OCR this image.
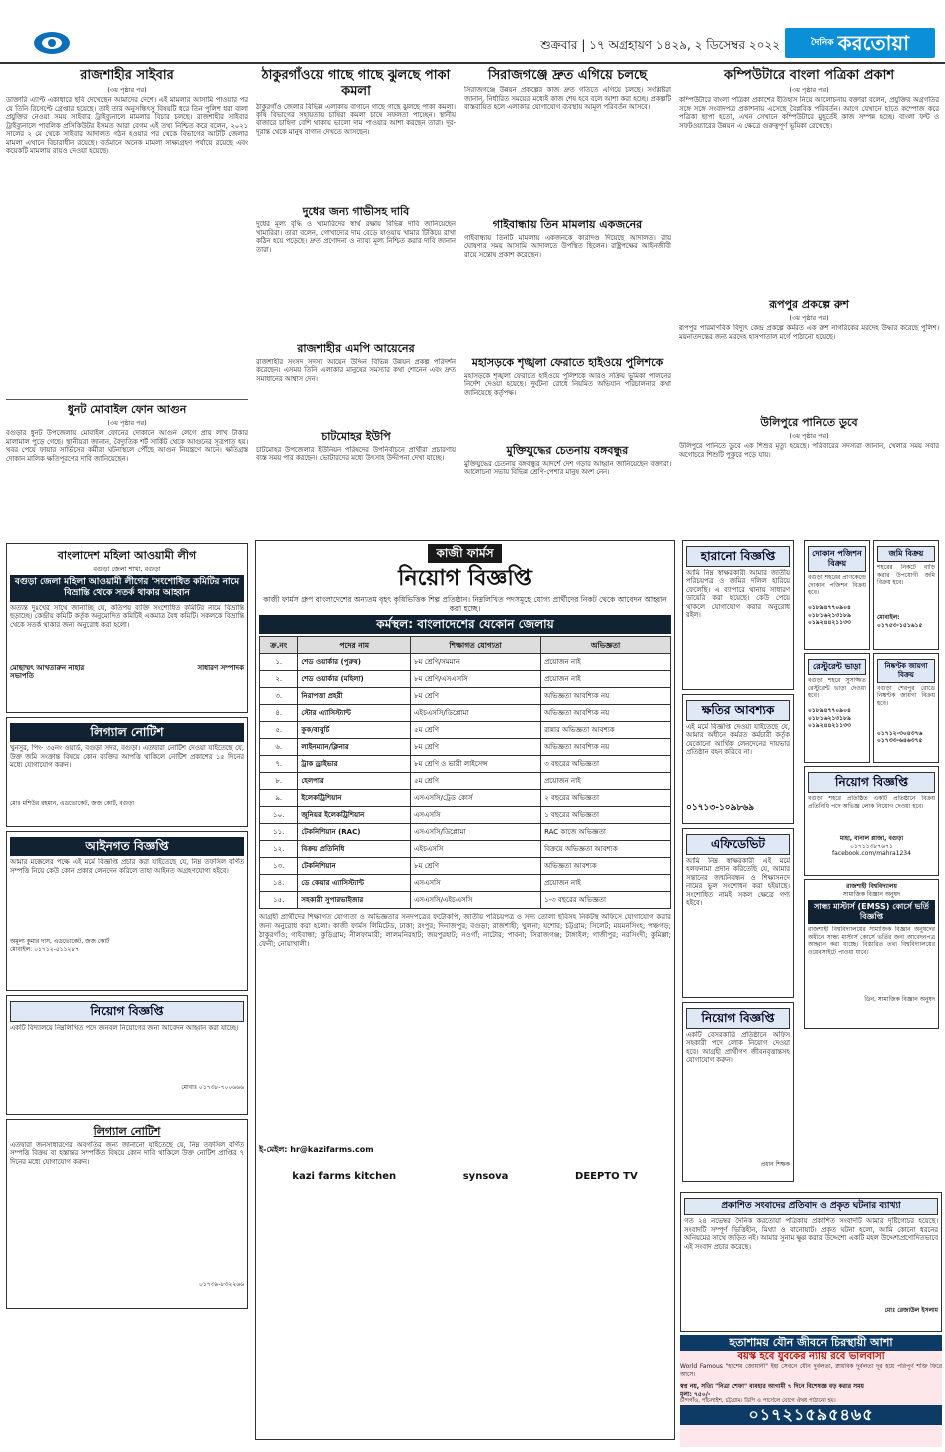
শুক্রবার | ১৭ অগ্রহায়ণ ১৪২৯, ২ ডিসেম্বর ২০২২	$^{দৈনিক}$ করতোয়া
রাজশাহীর সাইবার
(৩য় পৃষ্ঠার পর)
ডাক্তারি এ্যাপ্ট একাধারে ছবি দেখেছেন আমাদের দেশে। এই মামলার আসামি পাওয়ার পর যে তিনি রিসেপ্টে গ্রেপ্তার হয়েছে। তাই তার অনুসন্ধিৎসু বিষয়টি ধরে তিন পুলিশ ধরা বালা প্রযুক্তির নেওয়া সময় সাইবার ট্রাইব্যুনালে মামলার বিচার চলছে। রাজশাহীর সাইবার ট্রাইব্যুনালে পাবলিক প্রসিকিউটর ইসমত আরা বেগম এই তথ্য নিশ্চিত করে বলেন, ২০২১ সালের ২ মে থেকে সাইবার আদালত গঠন হওয়ার পর থেকে বিভাগের আটটি জেলার মামলা এখানে বিচারাধীন রয়েছে। বর্তমানে অনেক মামলা সাক্ষ্যগ্রহণ পর্যায়ে রয়েছে এবং কয়েকটি মামলায় রায়ও দেওয়া হয়েছে।
ধুনট মোবাইল ফোন আগুন
(৩য় পৃষ্ঠার পর)
বগুড়ার ধুনট উপজেলায় মোবাইল ফোনের দোকানে আগুন লেগে প্রায় লাখ টাকার মালামাল পুড়ে গেছে। স্থানীয়রা জানান, বৈদ্যুতিক শর্ট সার্কিট থেকে আগুনের সূত্রপাত হয়। খবর পেয়ে ফায়ার সার্ভিসের কর্মীরা ঘটনাস্থলে পৌঁছে আগুন নিয়ন্ত্রণে আনে। ক্ষতিগ্রস্ত দোকান মালিক ক্ষতিপূরণের দাবি জানিয়েছেন।
বাংলাদেশ মহিলা আওয়ামী লীগ
বগুড়া জেলা শাখা, বগুড়া
বগুড়া জেলা মহিলা আওয়ামী লীগের 'সংশোধিত কমিটির নামে বিভ্রান্তি থেকে সতর্ক থাকার আহ্বান
অত্যন্ত দুঃখের সাথে জানাচ্ছি যে, কতিপয় ব্যক্তি সংশোধিত কমিটির নামে বিভ্রান্তি ছড়াচ্ছে। কেন্দ্রীয় কমিটি কর্তৃক অনুমোদিত কমিটিই একমাত্র বৈধ কমিটি। সকলকে বিভ্রান্তি থেকে সতর্ক থাকার জন্য অনুরোধ করা হলো।
মোছাম্মৎ আখতারুন নাহার
সভাপতি
সাধারণ সম্পাদক
লিগ্যাল নোটিশ
খুনসুর, পিং- ৩৫নং ওয়ার্ড, বগুড়া সদর, বগুড়া। এতদ্বারা নোটিশ দেওয়া যাইতেছে যে, উক্ত জমি সংক্রান্ত বিষয়ে কোন ব্যক্তির আপত্তি থাকিলে নোটিশ প্রকাশের ১৫ দিনের মধ্যে যোগাযোগ করুন।
মোঃ মশিউর রহমান, এডভোকেট, জজ কোর্ট, বগুড়া
আইনগত বিজ্ঞপ্তি
আমার মক্কেলের পক্ষে এই মর্মে বিজ্ঞপ্তি প্রচার করা যাইতেছে যে, নিম্ন তফসিল বর্ণিত সম্পত্তি নিয়ে কেউ কোন প্রকার লেনদেন করিলে তাহা আইনত অগ্রহণযোগ্য হইবে।
অমূল্য কুমার দাস, এডভোকেট, জজ কোর্ট
মোবাইল: ০১৭১২-৫১১২৮৭
নিয়োগ বিজ্ঞপ্তি
একটি বিদ্যালয়ে নিম্নলিখিত পদে জনবল নিয়োগের জন্য আবেদন আহ্বান করা যাচ্ছে।
মোবাঃ ০১৭৩৮-৭০০৬৬৬
লিগ্যাল নোটিশ
এতদ্বারা জনসাধারণের অবগতির জন্য জানানো যাইতেছে যে, নিম্ন তফসিল বর্ণিত সম্পত্তি বিক্রয় বা হস্তান্তর সম্পর্কিত বিষয়ে কোন দাবি থাকিলে উক্ত নোটিশ প্রাপ্তির ৭ দিনের মধ্যে যোগাযোগ করুন।
০১৭৩৯-৮৩২২৬৬
ঠাকুরগাঁওয়ে গাছে গাছে ঝুলছে পাকা কমলা
ঠাকুরগাঁও জেলার বিভিন্ন এলাকায় বাগানে গাছে গাছে ঝুলছে পাকা কমলা। কৃষি বিভাগের সহায়তায় চাষিরা কমলা চাষে সফলতা পাচ্ছেন। স্থানীয় বাজারে চাহিদা বেশি থাকায় ভালো দাম পাওয়ার আশা করছেন তারা। দূর-দূরান্ত থেকে মানুষ বাগান দেখতে আসছেন।
দুধের জন্য গাভীসহ দাবি
দুধের মূল্য বৃদ্ধি ও খামারিদের স্বার্থ রক্ষায় বিভিন্ন দাবি জানিয়েছেন খামারিরা। তারা বলেন, গোখাদ্যের দাম বেড়ে যাওয়ায় খামার টিকিয়ে রাখা কঠিন হয়ে পড়েছে। দ্রুত প্রণোদনা ও ন্যায্য মূল্য নিশ্চিত করার দাবি জানান তারা।
রাজশাহীর এমপি আয়েনের
রাজশাহীর সংসদ সদস্য আয়েন উদ্দিন বিভিন্ন উন্নয়ন প্রকল্প পরিদর্শন করেছেন। এসময় তিনি এলাকার মানুষের সমস্যার কথা শোনেন এবং দ্রুত সমাধানের আশ্বাস দেন।
চাটমোহর ইউপি
চাটমোহর উপজেলার ইউনিয়ন পরিষদের উপনির্বাচনে প্রার্থীরা প্রচারণায় ব্যস্ত সময় পার করছেন। ভোটারদের মধ্যে উৎসাহ উদ্দীপনা দেখা যাচ্ছে।
সিরাজগঞ্জে দ্রুত এগিয়ে চলছে
সিরাজগঞ্জে উন্নয়ন প্রকল্পের কাজ দ্রুত গতিতে এগিয়ে চলছে। সংশ্লিষ্টরা জানান, নির্ধারিত সময়ের মধ্যেই কাজ শেষ হবে বলে আশা করা হচ্ছে। প্রকল্পটি বাস্তবায়িত হলে এলাকার যোগাযোগ ব্যবস্থায় আমূল পরিবর্তন আসবে।
গাইবান্ধায় তিন মামলায় একজনের
গাইবান্ধায় তিনটি মামলায় একজনকে কারাদণ্ড দিয়েছে আদালত। রায় ঘোষণার সময় আসামি আদালতে উপস্থিত ছিলেন। রাষ্ট্রপক্ষের আইনজীবী রায়ে সন্তোষ প্রকাশ করেছেন।
মহাসড়কে শৃঙ্খলা ফেরাতে হাইওয়ে পুলিশকে
মহাসড়কে শৃঙ্খলা ফেরাতে হাইওয়ে পুলিশকে আরও সক্রিয় ভূমিকা পালনের নির্দেশ দেওয়া হয়েছে। দুর্ঘটনা রোধে নিয়মিত অভিযান পরিচালনার কথা জানিয়েছে কর্তৃপক্ষ।
মুক্তিযুদ্ধের চেতনায় বঙ্গবন্ধুর
মুক্তিযুদ্ধের চেতনায় বঙ্গবন্ধুর আদর্শে দেশ গড়ার আহ্বান জানিয়েছেন বক্তারা। আলোচনা সভায় বিভিন্ন শ্রেণি-পেশার মানুষ অংশ নেন।
কম্পিউটারে বাংলা পত্রিকা প্রকাশ
(৩য় পৃষ্ঠার পর)
কম্পিউটারে বাংলা পত্রিকা প্রকাশের ইতিহাস নিয়ে আলোচনায় বক্তারা বলেন, প্রযুক্তির অগ্রগতির সঙ্গে সঙ্গে সংবাদপত্র প্রকাশনায় এসেছে বৈপ্লবিক পরিবর্তন। আগে যেখানে হাতে কম্পোজ করে পত্রিকা ছাপা হতো, এখন সেখানে কম্পিউটারে মুহূর্তেই কাজ সম্পন্ন হচ্ছে। বাংলা ফন্ট ও সফটওয়্যারের উন্নয়ন এ ক্ষেত্রে গুরুত্বপূর্ণ ভূমিকা রেখেছে।
রূপপুর প্রকল্পে রুশ
(৩য় পৃষ্ঠার পর)
রূপপুর পারমাণবিক বিদ্যুৎ কেন্দ্র প্রকল্পে কর্মরত এক রুশ নাগরিকের মরদেহ উদ্ধার করেছে পুলিশ। ময়নাতদন্তের জন্য মরদেহ হাসপাতাল মর্গে পাঠানো হয়েছে।
উলিপুরে পানিতে ডুবে
(৩য় পৃষ্ঠার পর)
উলিপুরে পানিতে ডুবে এক শিশুর মৃত্যু হয়েছে। পরিবারের সদস্যরা জানান, খেলার সময় সবার অগোচরে শিশুটি পুকুরে পড়ে যায়।
কাজী ফার্মস
নিয়োগ বিজ্ঞপ্তি
কাজী ফার্মস গ্রুপ বাংলাদেশের অন্যতম বৃহৎ কৃষিভিত্তিক শিল্প প্রতিষ্ঠান। নিম্নলিখিত পদসমূহে যোগ্য প্রার্থীদের নিকট থেকে আবেদন আহ্বান করা হচ্ছে।
কর্মস্থল: বাংলাদেশের যেকোন জেলায়
ক্র.নং	পদের নাম	শিক্ষাগত যোগ্যতা	অভিজ্ঞতা
১.	শেড ওয়ার্কার (পুরুষ)	৮ম শ্রেণি/সমমান	প্রয়োজন নাই
২.	শেড ওয়ার্কার (মহিলা)	৮ম শ্রেণি/এসএসসি	প্রয়োজন নাই
৩.	নিরাপত্তা প্রহরী	৮ম শ্রেণি	অভিজ্ঞতা আবশ্যিক নয়
৪.	স্টোর এ্যাসিস্ট্যান্ট	এইচএসসি/ডিপ্লোমা	অভিজ্ঞতা আবশ্যিক নয়
৫.	কুক/বাবুর্চি	৫ম শ্রেণি	রান্নার অভিজ্ঞতা আবশ্যক
৬.	লাইনম্যান/ক্লিনার	৮ম শ্রেণি	অভিজ্ঞতা আবশ্যিক নয়
৭.	ট্রাক ড্রাইভার	৮ম শ্রেণি ও ভারী লাইসেন্স	৩ বছরের অভিজ্ঞতা
৮.	হেলপার	৫ম শ্রেণি	প্রয়োজন নাই
৯.	ইলেকট্রিশিয়ান	এসএসসি/ট্রেড কোর্স	২ বছরের অভিজ্ঞতা
১০.	জুনিয়র ইলেকট্রিশিয়ান	এসএসসি	১ বছরের অভিজ্ঞতা
১১.	টেকনিশিয়ান (RAC)	এসএসসি/ডিপ্লোমা	RAC কাজে অভিজ্ঞতা
১২.	বিক্রয় প্রতিনিধি	এইচএসসি	বিক্রয়ে অভিজ্ঞতা আবশ্যক
১৩.	টেকনিশিয়ান	৮ম শ্রেণি	অভিজ্ঞতা আবশ্যক
১৪.	ডে কেয়ার এ্যাসিস্ট্যান্ট	এসএসসি	প্রয়োজন নাই
১৫.	সহকারী সুপারভাইজার	এসএসসি/এইচএসসি	১-৩ বছরের অভিজ্ঞতা
আগ্রহী প্রার্থীদের শিক্ষাগত যোগ্যতা ও অভিজ্ঞতার সনদপত্রের ফটোকপি, জাতীয় পরিচয়পত্র ও সদ্য তোলা ছবিসহ নিকটস্থ অফিসে যোগাযোগ করার জন্য অনুরোধ করা হলো। কাজী ফার্মস লিমিটেড, ঢাকা; রংপুর; দিনাজপুর; বগুড়া; রাজশাহী; খুলনা; যশোর; চট্টগ্রাম; সিলেট; ময়মনসিংহ; পঞ্চগড়; ঠাকুরগাঁও; গাইবান্ধা; কুড়িগ্রাম; নীলফামারী; লালমনিরহাট; জয়পুরহাট; নওগাঁ; নাটোর; পাবনা; সিরাজগঞ্জ; টাঙ্গাইল; গাজীপুর; নরসিংদী; কুমিল্লা; ফেনী; নোয়াখালী।
ই-মেইল: hr@kazifarms.com
kazi farms kitchen	synsova	DEEPTO TV
হারানো বিজ্ঞপ্তি
আমি নিম্ন স্বাক্ষরকারী আমার জাতীয় পরিচয়পত্র ও জমির দলিল হারিয়ে ফেলেছি। এ ব্যাপারে থানায় সাধারণ ডায়েরি করা হয়েছে। কেউ পেয়ে থাকলে যোগাযোগ করার অনুরোধ রইল।
ক্ষতির আবশ্যক
এই মর্মে বিজ্ঞপ্তি দেওয়া যাইতেছে যে, আমার অধীনে কর্মরত কর্মচারী কর্তৃক যেকোনো আর্থিক লেনদেনের দায়ভার প্রতিষ্ঠান বহন করিবে না।
০১৭১৩-১০৯৮৬৯
এফিডেভিট
আমি নিম্ন স্বাক্ষরকারী এই মর্মে হলফনামা প্রদান করিতেছি যে, আমার সন্তানের জন্মনিবন্ধন ও শিক্ষাসনদে নামের ভুল সংশোধন করা হইয়াছে। সংশোধিত নামই সকল ক্ষেত্রে গণ্য হইবে।
নিয়োগ বিজ্ঞপ্তি
একটি বেসরকারি প্রতিষ্ঠানে অফিস সহকারী পদে লোক নিয়োগ দেওয়া হবে। আগ্রহী প্রার্থীগণ জীবনবৃত্তান্তসহ যোগাযোগ করুন।
প্রধান শিক্ষক
দোকান পজিশন বিক্রয়
বগুড়া শহরের প্রাণকেন্দ্রে দোকান পজিশন বিক্রয় হবে।
০১৮৯৪৭৭০৯০৪
০১৮১৬২১৩১৮৯
০১৯২৪৪২১১৩৩
জমি বিক্রয়
শহরের নিকটে বাড়ি করার উপযোগী জমি বিক্রয় হবে।
মোবাইল: ০১৭৫৩-১৫১৬১৫
রেস্টুরেন্ট ভাড়া
বগুড়া শহরে সুসজ্জিত রেস্টুরেন্ট ভাড়া দেওয়া হবে।
০১৮৯৪৭৭০৯০৪
০১৮১৬২১৩১৮৯
০১৯২৪৪২১১৩৩
নিষ্কণ্টক জায়গা বিক্রয়
বগুড়া শেরপুর রোডে নিষ্কণ্টক জায়গা বিক্রয় হবে।
০১৭১২-৩০৪৩৭৬
০১৭৩৩-৬৪৬৩৭৫
নিয়োগ বিজ্ঞপ্তি
বগুড়া শহরে প্রতিষ্ঠিত একটি প্রতিষ্ঠানে বিক্রয় প্রতিনিধি পদে অভিজ্ঞ লোক নিয়োগ দেওয়া হবে।
মাহা, বানাল প্লাজা, বগুড়া
০১৭১১৩৮৭৬৭১
facebook.com/mahra1234
রাজশাহী বিশ্ববিদ্যালয়
সামাজিক বিজ্ঞান অনুষদ
সান্ধ্য মাস্টার্স (EMSS) কোর্সে ভর্তি বিজ্ঞপ্তি
রাজশাহী বিশ্ববিদ্যালয়ের সামাজিক বিজ্ঞান অনুষদের অধীনে সান্ধ্য মাস্টার্স কোর্সে ভর্তির জন্য আবেদনপত্র আহ্বান করা যাচ্ছে। বিস্তারিত তথ্য বিশ্ববিদ্যালয়ের ওয়েবসাইটে পাওয়া যাবে।
ডিন, সামাজিক বিজ্ঞান অনুষদ
প্রকাশিত সংবাদের প্রতিবাদ ও প্রকৃত ঘটনার ব্যাখ্যা
গত ২৪ নভেম্বর দৈনিক করতোয়া পত্রিকায় প্রকাশিত সংবাদটি আমার দৃষ্টিগোচর হয়েছে। সংবাদটি সম্পূর্ণ ভিত্তিহীন, মিথ্যা ও বানোয়াট। প্রকৃত ঘটনা হলো, আমি কোনো ধরনের অনিয়মের সাথে জড়িত নই। আমার সুনাম ক্ষুণ্ণ করার উদ্দেশ্যে একটি মহল উদ্দেশ্যপ্রণোদিতভাবে এই সংবাদ প্রচার করেছে।
মোঃ রেজাউল ইসলাম
হতাশাময় যৌন জীবনে চিরস্থায়ী আশা
বয়স্ক হবে যুবকের ন্যায় রবে ভালবাসা
World Famous "হাশেম জোয়ানী" ইহা সেবনে যৌন দুর্বলতা, স্নায়বিক দুর্বলতা দূর হয়ে পরিপূর্ণ শক্তি ফিরে আসে।
স্বপ্ন নয়, সত্যি "নিত্রা শেফা" ব্যবহার আগামী ৭ দিনে বিশেষজ্ঞ বড় করার সময়
মূল্য: ৭৫০/-
চান্দগাঁও, পাঁচলাইশ, চট্টগ্রাম। ডিপি ও পার্সেলে যোগে ঔষধ পাঠানো হয়।
০১৭২১৫৯৫৪৬৫
